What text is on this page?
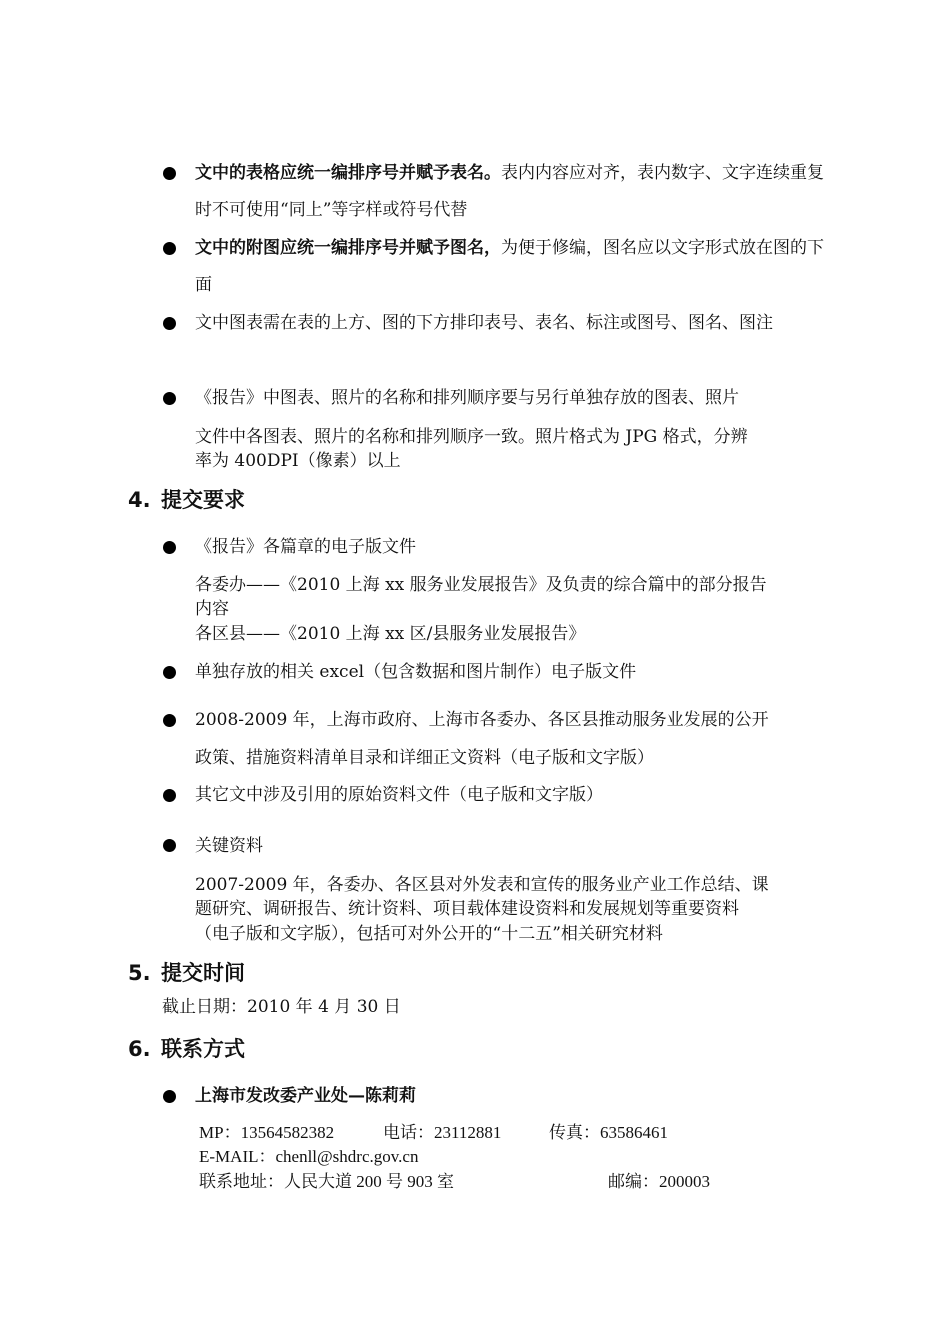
文中的表格应统一编排序号并赋予表名。表内内容应对齐，表内数字、文字连续重复时不可使用“同上”等字样或符号代替
文中的附图应统一编排序号并赋予图名，为便于修编，图名应以文字形式放在图的下面
文中图表需在表的上方、图的下方排印表号、表名、标注或图号、图名、图注
《报告》中图表、照片的名称和排列顺序要与另行单独存放的图表、照片
文件中各图表、照片的名称和排列顺序一致。照片格式为 JPG 格式，分辨
率为 400DPI（像素）以上
4. 提交要求
《报告》各篇章的电子版文件
各委办——《2010 上海 xx 服务业发展报告》及负责的综合篇中的部分报告
内容
各区县——《2010 上海 xx 区/县服务业发展报告》
单独存放的相关 excel（包含数据和图片制作）电子版文件
2008-2009 年，上海市政府、上海市各委办、各区县推动服务业发展的公开
政策、措施资料清单目录和详细正文资料（电子版和文字版）
其它文中涉及引用的原始资料文件（电子版和文字版）
关键资料
2007-2009 年，各委办、各区县对外发表和宣传的服务业产业工作总结、课
题研究、调研报告、统计资料、项目载体建设资料和发展规划等重要资料
（电子版和文字版），包括可对外公开的“十二五”相关研究材料
5. 提交时间
截止日期：2010 年 4 月 30 日
6. 联系方式
上海市发改委产业处—陈莉莉
MP：13564582382	电话：23112881	传真：63586461
E-MAIL：chenll@shdrc.gov.cn
联系地址：人民大道 200 号 903 室	邮编：200003
